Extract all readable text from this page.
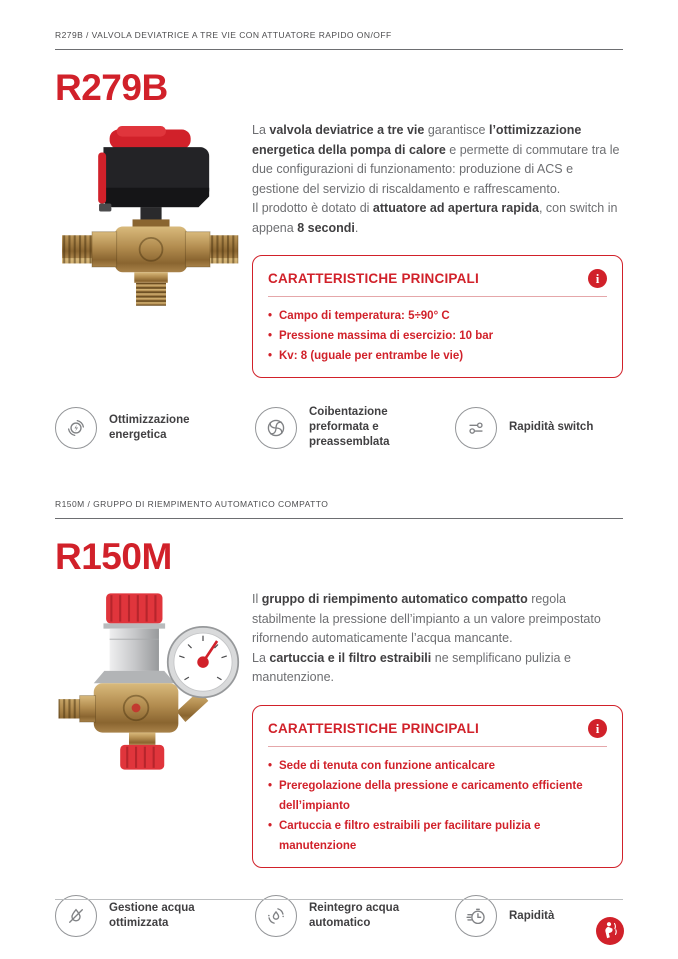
R279B / VALVOLA DEVIATRICE A TRE VIE CON ATTUATORE RAPIDO ON/OFF
R279B
La valvola deviatrice a tre vie garantisce l’ottimizzazione energetica della pompa di calore e permette di commutare tra le due configurazioni di funzionamento: produzione di ACS e gestione del servizio di riscaldamento e raffrescamento.
Il prodotto è dotato di attuatore ad apertura rapida, con switch in appena 8 secondi.
CARATTERISTICHE PRINCIPALI	i
• Campo di temperatura: 5÷90° C
• Pressione massima di esercizio: 10 bar
• Kv: 8 (uguale per entrambe le vie)
Ottimizzazione energetica
Coibentazione preformata e preassemblata
Rapidità switch
R150M / GRUPPO DI RIEMPIMENTO AUTOMATICO COMPATTO
R150M
Il gruppo di riempimento automatico compatto regola stabilmente la pressione dell’impianto a un valore preimpostato rifornendo automaticamente l’acqua mancante.
La cartuccia e il filtro estraibili ne semplificano pulizia e manutenzione.
CARATTERISTICHE PRINCIPALI	i
• Sede di tenuta con funzione anticalcare
• Preregolazione della pressione e caricamento efficiente dell’impianto
• Cartuccia e filtro estraibili per facilitare pulizia e manutenzione
Gestione acqua ottimizzata
Reintegro acqua automatico
Rapidità
